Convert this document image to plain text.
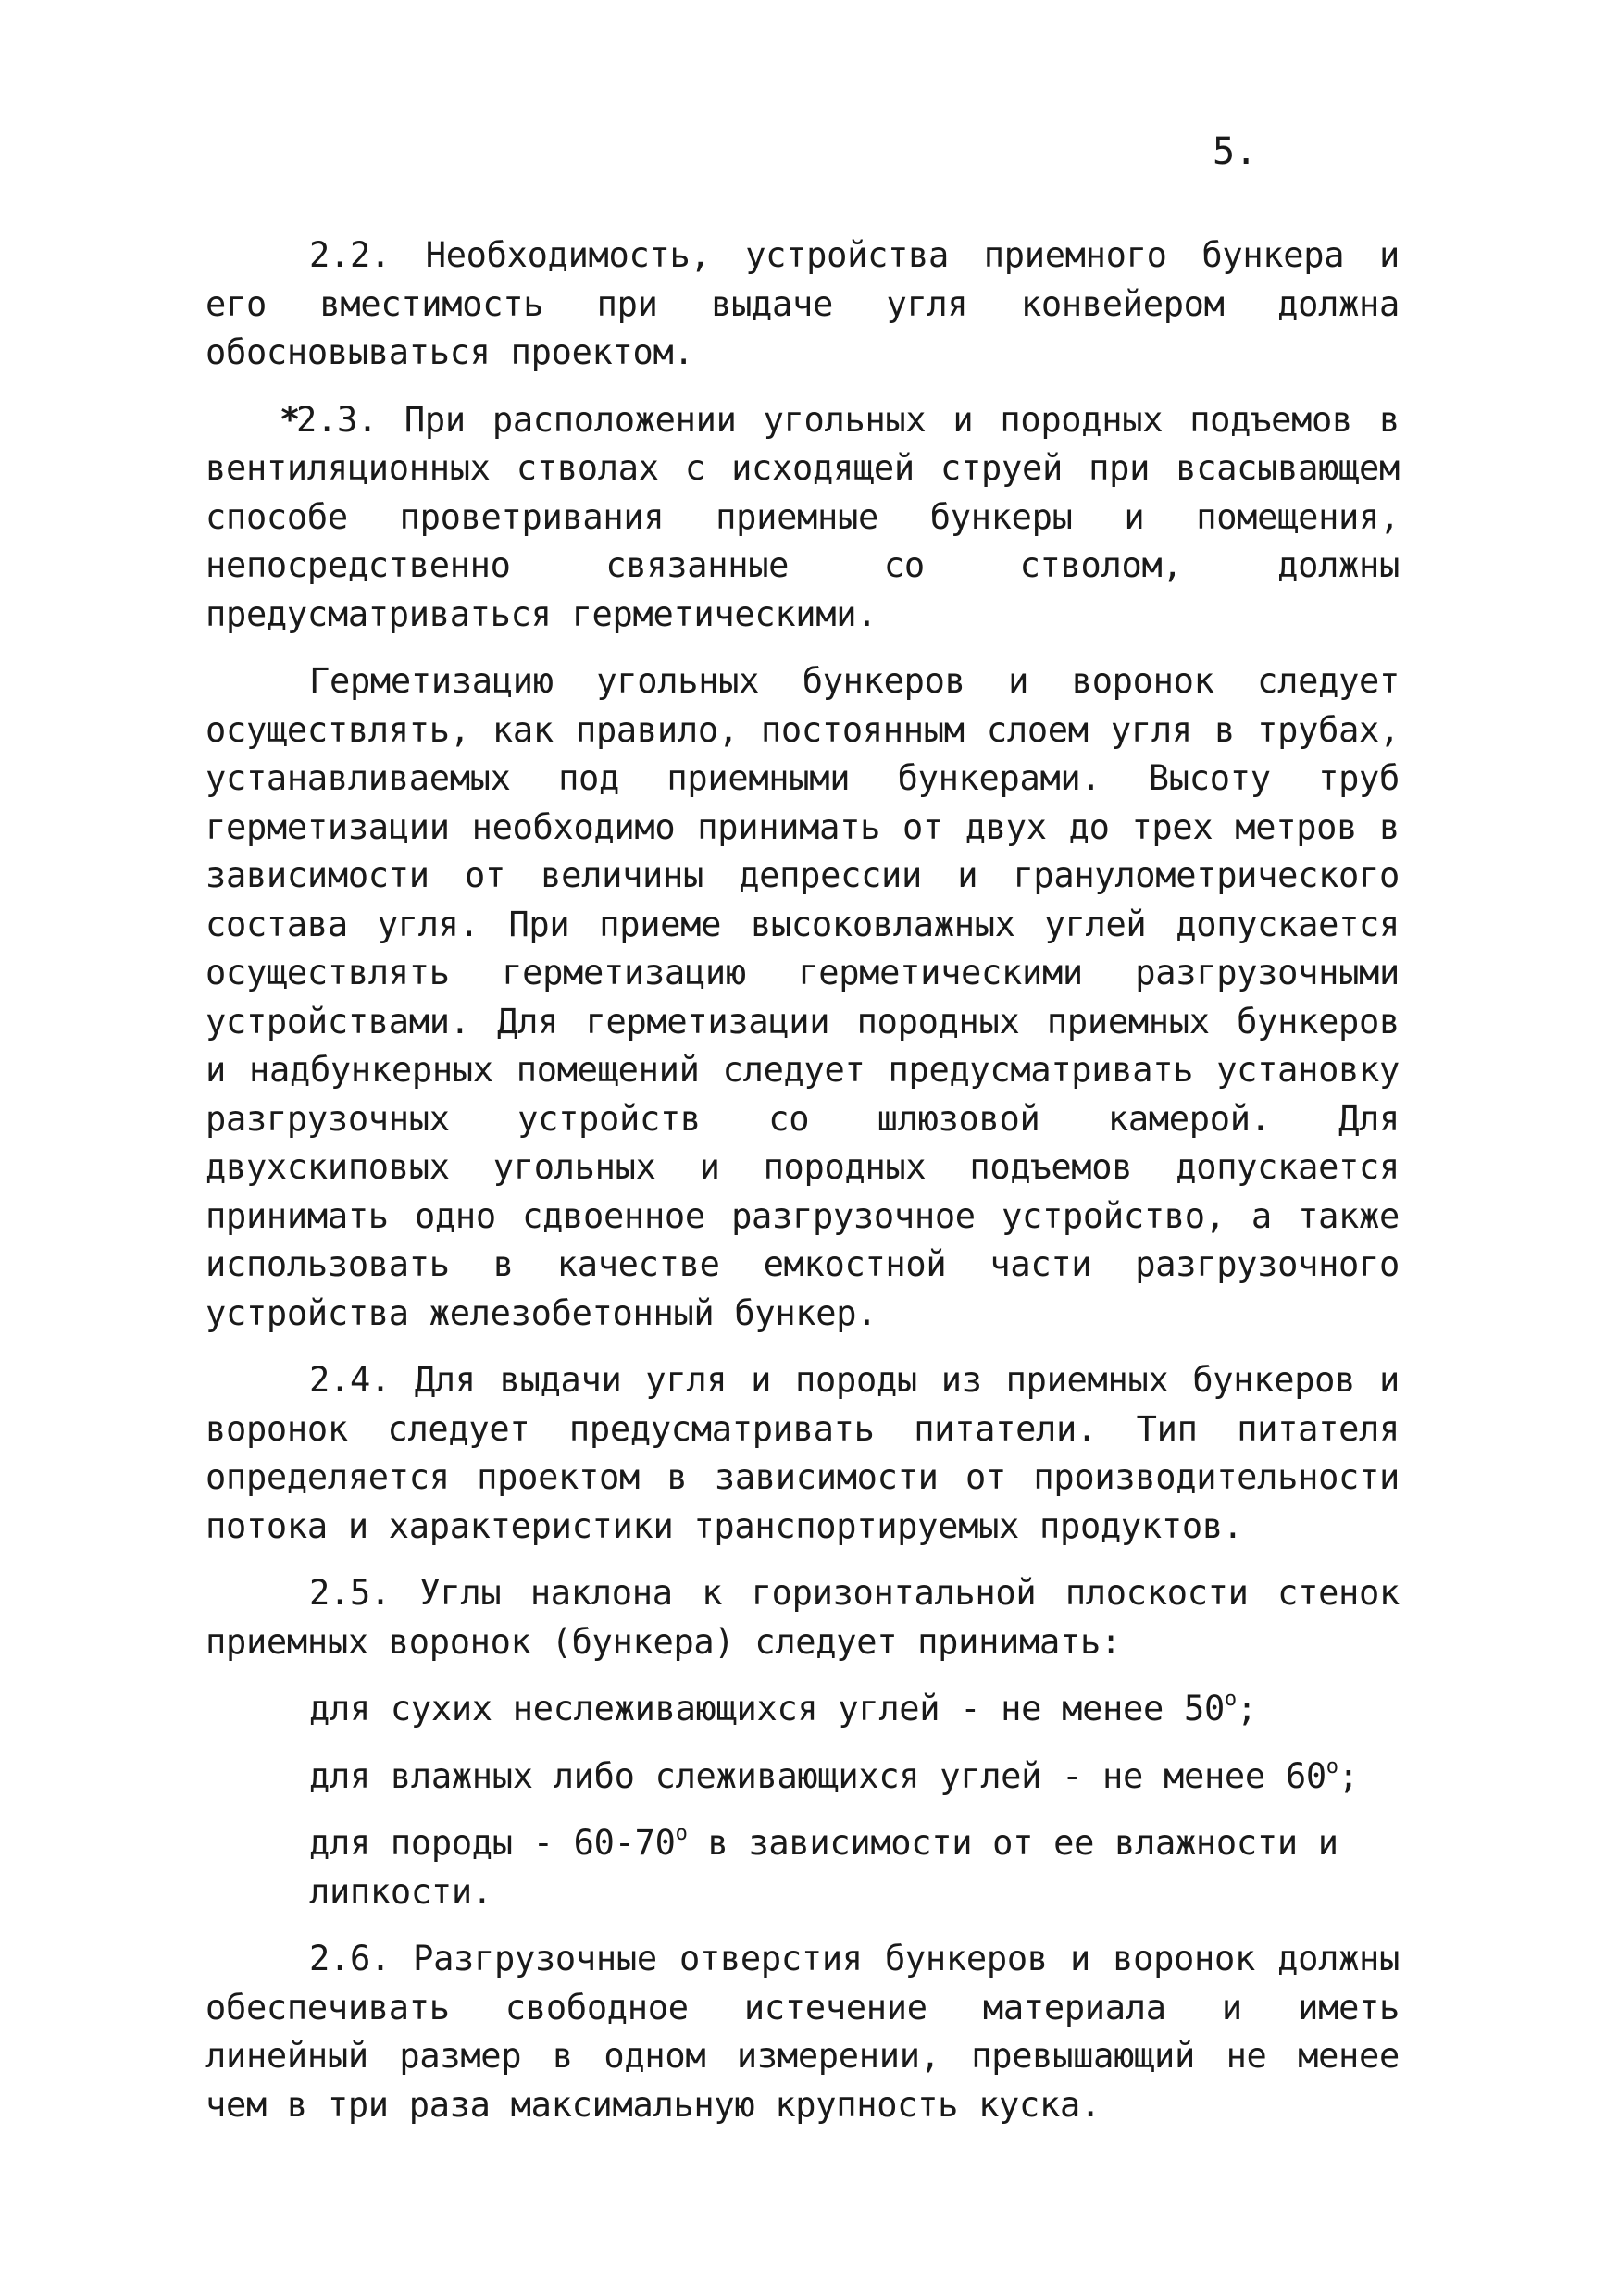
5.

2.2. Необходимость, устройства приемного бункера и его вместимость при выдаче угля конвейером должна обосновываться проектом.

*2.3. При расположении угольных и породных подъемов в вентиляционных стволах с исходящей струей при всасывающем способе проветривания приемные бункеры и помещения, непосредственно связанные со стволом, должны предусматриваться герметическими.

Герметизацию угольных бункеров и воронок следует осуществлять, как правило, постоянным слоем угля в трубах, устанавливаемых под приемными бункерами. Высоту труб герметизации необходимо принимать от двух до трех метров в зависимости от величины депрессии и гранулометрического состава угля. При приеме высоковлажных углей допускается осуществлять герметизацию герметическими разгрузочными устройствами. Для герметизации породных приемных бункеров и надбункерных помещений следует предусматривать установку разгрузочных устройств со шлюзовой камерой. Для двухскиповых угольных и породных подъемов допускается принимать одно сдвоенное разгрузочное устройство, а также использовать в качестве емкостной части разгрузочного устройства железобетонный бункер.

2.4. Для выдачи угля и породы из приемных бункеров и воронок следует предусматривать питатели. Тип питателя определяется проектом в зависимости от производительности потока и характеристики транспортируемых продуктов.

2.5. Углы наклона к горизонтальной плоскости стенок приемных воронок (бункера) следует принимать:

для сухих неслеживающихся углей - не менее $50^о$;
для влажных либо слеживающихся углей - не менее $60^о$;
для породы - $60-70^о$ в зависимости от ее влажности и липкости.

2.6. Разгрузочные отверстия бункеров и воронок должны обеспечивать свободное истечение материала и иметь линейный размер в одном измерении, превышающий не менее чем в три раза максимальную крупность куска.
